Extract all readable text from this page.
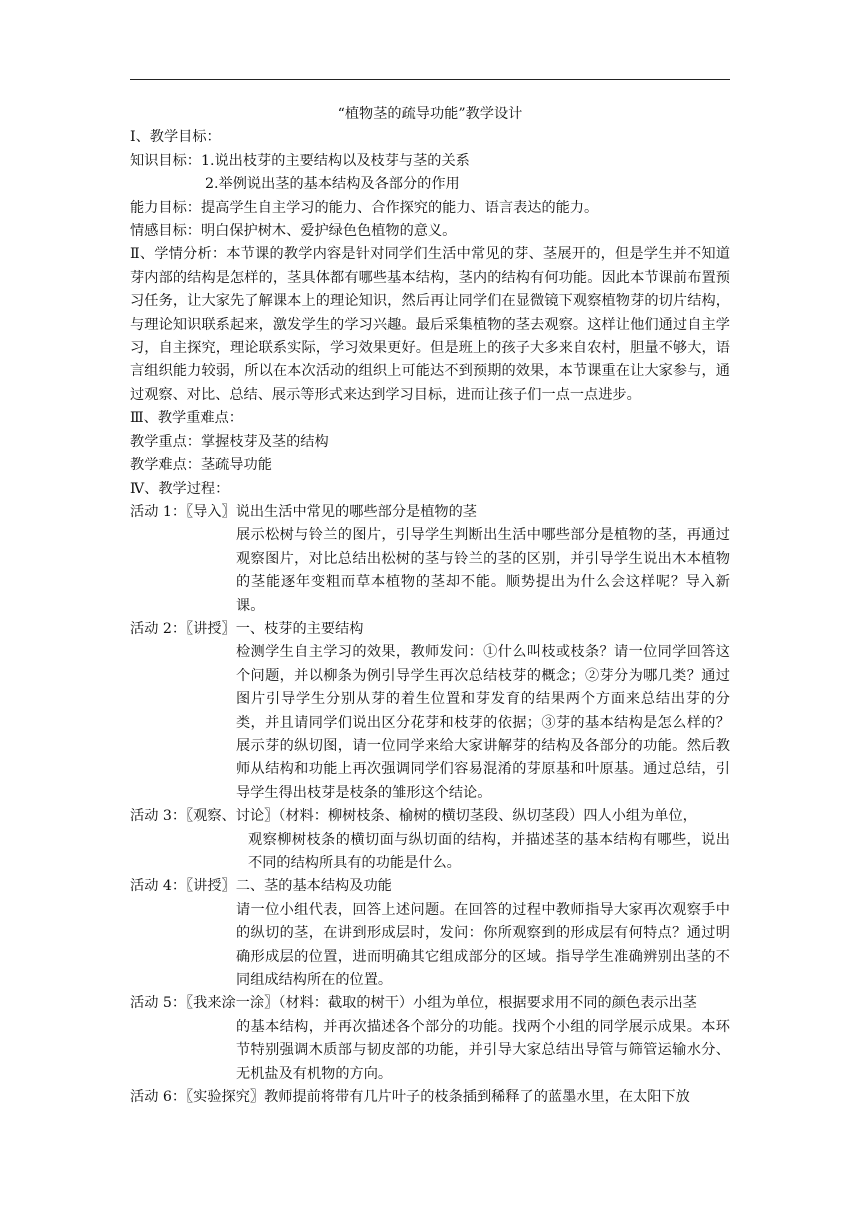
“植物茎的疏导功能”教学设计
Ⅰ、教学目标：
知识目标：1.说出枝芽的主要结构以及枝芽与茎的关系
2.举例说出茎的基本结构及各部分的作用
能力目标：提高学生自主学习的能力、合作探究的能力、语言表达的能力。
情感目标：明白保护树木、爱护绿色色植物的意义。
Ⅱ、学情分析：本节课的教学内容是针对同学们生活中常见的芽、茎展开的，但是学生并不知道芽内部的结构是怎样的，茎具体都有哪些基本结构，茎内的结构有何功能。因此本节课前布置预习任务，让大家先了解课本上的理论知识，然后再让同学们在显微镜下观察植物芽的切片结构，与理论知识联系起来，激发学生的学习兴趣。最后采集植物的茎去观察。这样让他们通过自主学习，自主探究，理论联系实际，学习效果更好。但是班上的孩子大多来自农村，胆量不够大，语言组织能力较弱，所以在本次活动的组织上可能达不到预期的效果，本节课重在让大家参与，通过观察、对比、总结、展示等形式来达到学习目标，进而让孩子们一点一点进步。
Ⅲ、教学重难点：
教学重点：掌握枝芽及茎的结构
教学难点：茎疏导功能
Ⅳ、教学过程：
活动 1：〖导入〗说出生活中常见的哪些部分是植物的茎
展示松树与铃兰的图片，引导学生判断出生活中哪些部分是植物的茎，再通过观察图片，对比总结出松树的茎与铃兰的茎的区别，并引导学生说出木本植物的茎能逐年变粗而草本植物的茎却不能。顺势提出为什么会这样呢？导入新课。
活动 2：〖讲授〗一、枝芽的主要结构
检测学生自主学习的效果，教师发问：①什么叫枝或枝条？请一位同学回答这个问题，并以柳条为例引导学生再次总结枝芽的概念；②芽分为哪几类？通过图片引导学生分别从芽的着生位置和芽发育的结果两个方面来总结出芽的分类，并且请同学们说出区分花芽和枝芽的依据；③芽的基本结构是怎么样的？展示芽的纵切图，请一位同学来给大家讲解芽的结构及各部分的功能。然后教师从结构和功能上再次强调同学们容易混淆的芽原基和叶原基。通过总结，引导学生得出枝芽是枝条的雏形这个结论。
活动 3：〖观察、讨论〗（材料：柳树枝条、榆树的横切茎段、纵切茎段）四人小组为单位，
观察柳树枝条的横切面与纵切面的结构，并描述茎的基本结构有哪些，说出不同的结构所具有的功能是什么。
活动 4：〖讲授〗二、茎的基本结构及功能
请一位小组代表，回答上述问题。在回答的过程中教师指导大家再次观察手中的纵切的茎，在讲到形成层时，发问：你所观察到的形成层有何特点？通过明确形成层的位置，进而明确其它组成部分的区域。指导学生准确辨别出茎的不同组成结构所在的位置。
活动 5：〖我来涂一涂〗（材料：截取的树干）小组为单位，根据要求用不同的颜色表示出茎
的基本结构，并再次描述各个部分的功能。找两个小组的同学展示成果。本环节特别强调木质部与韧皮部的功能，并引导大家总结出导管与筛管运输水分、无机盐及有机物的方向。
活动 6：〖实验探究〗教师提前将带有几片叶子的枝条插到稀释了的蓝墨水里，在太阳下放
